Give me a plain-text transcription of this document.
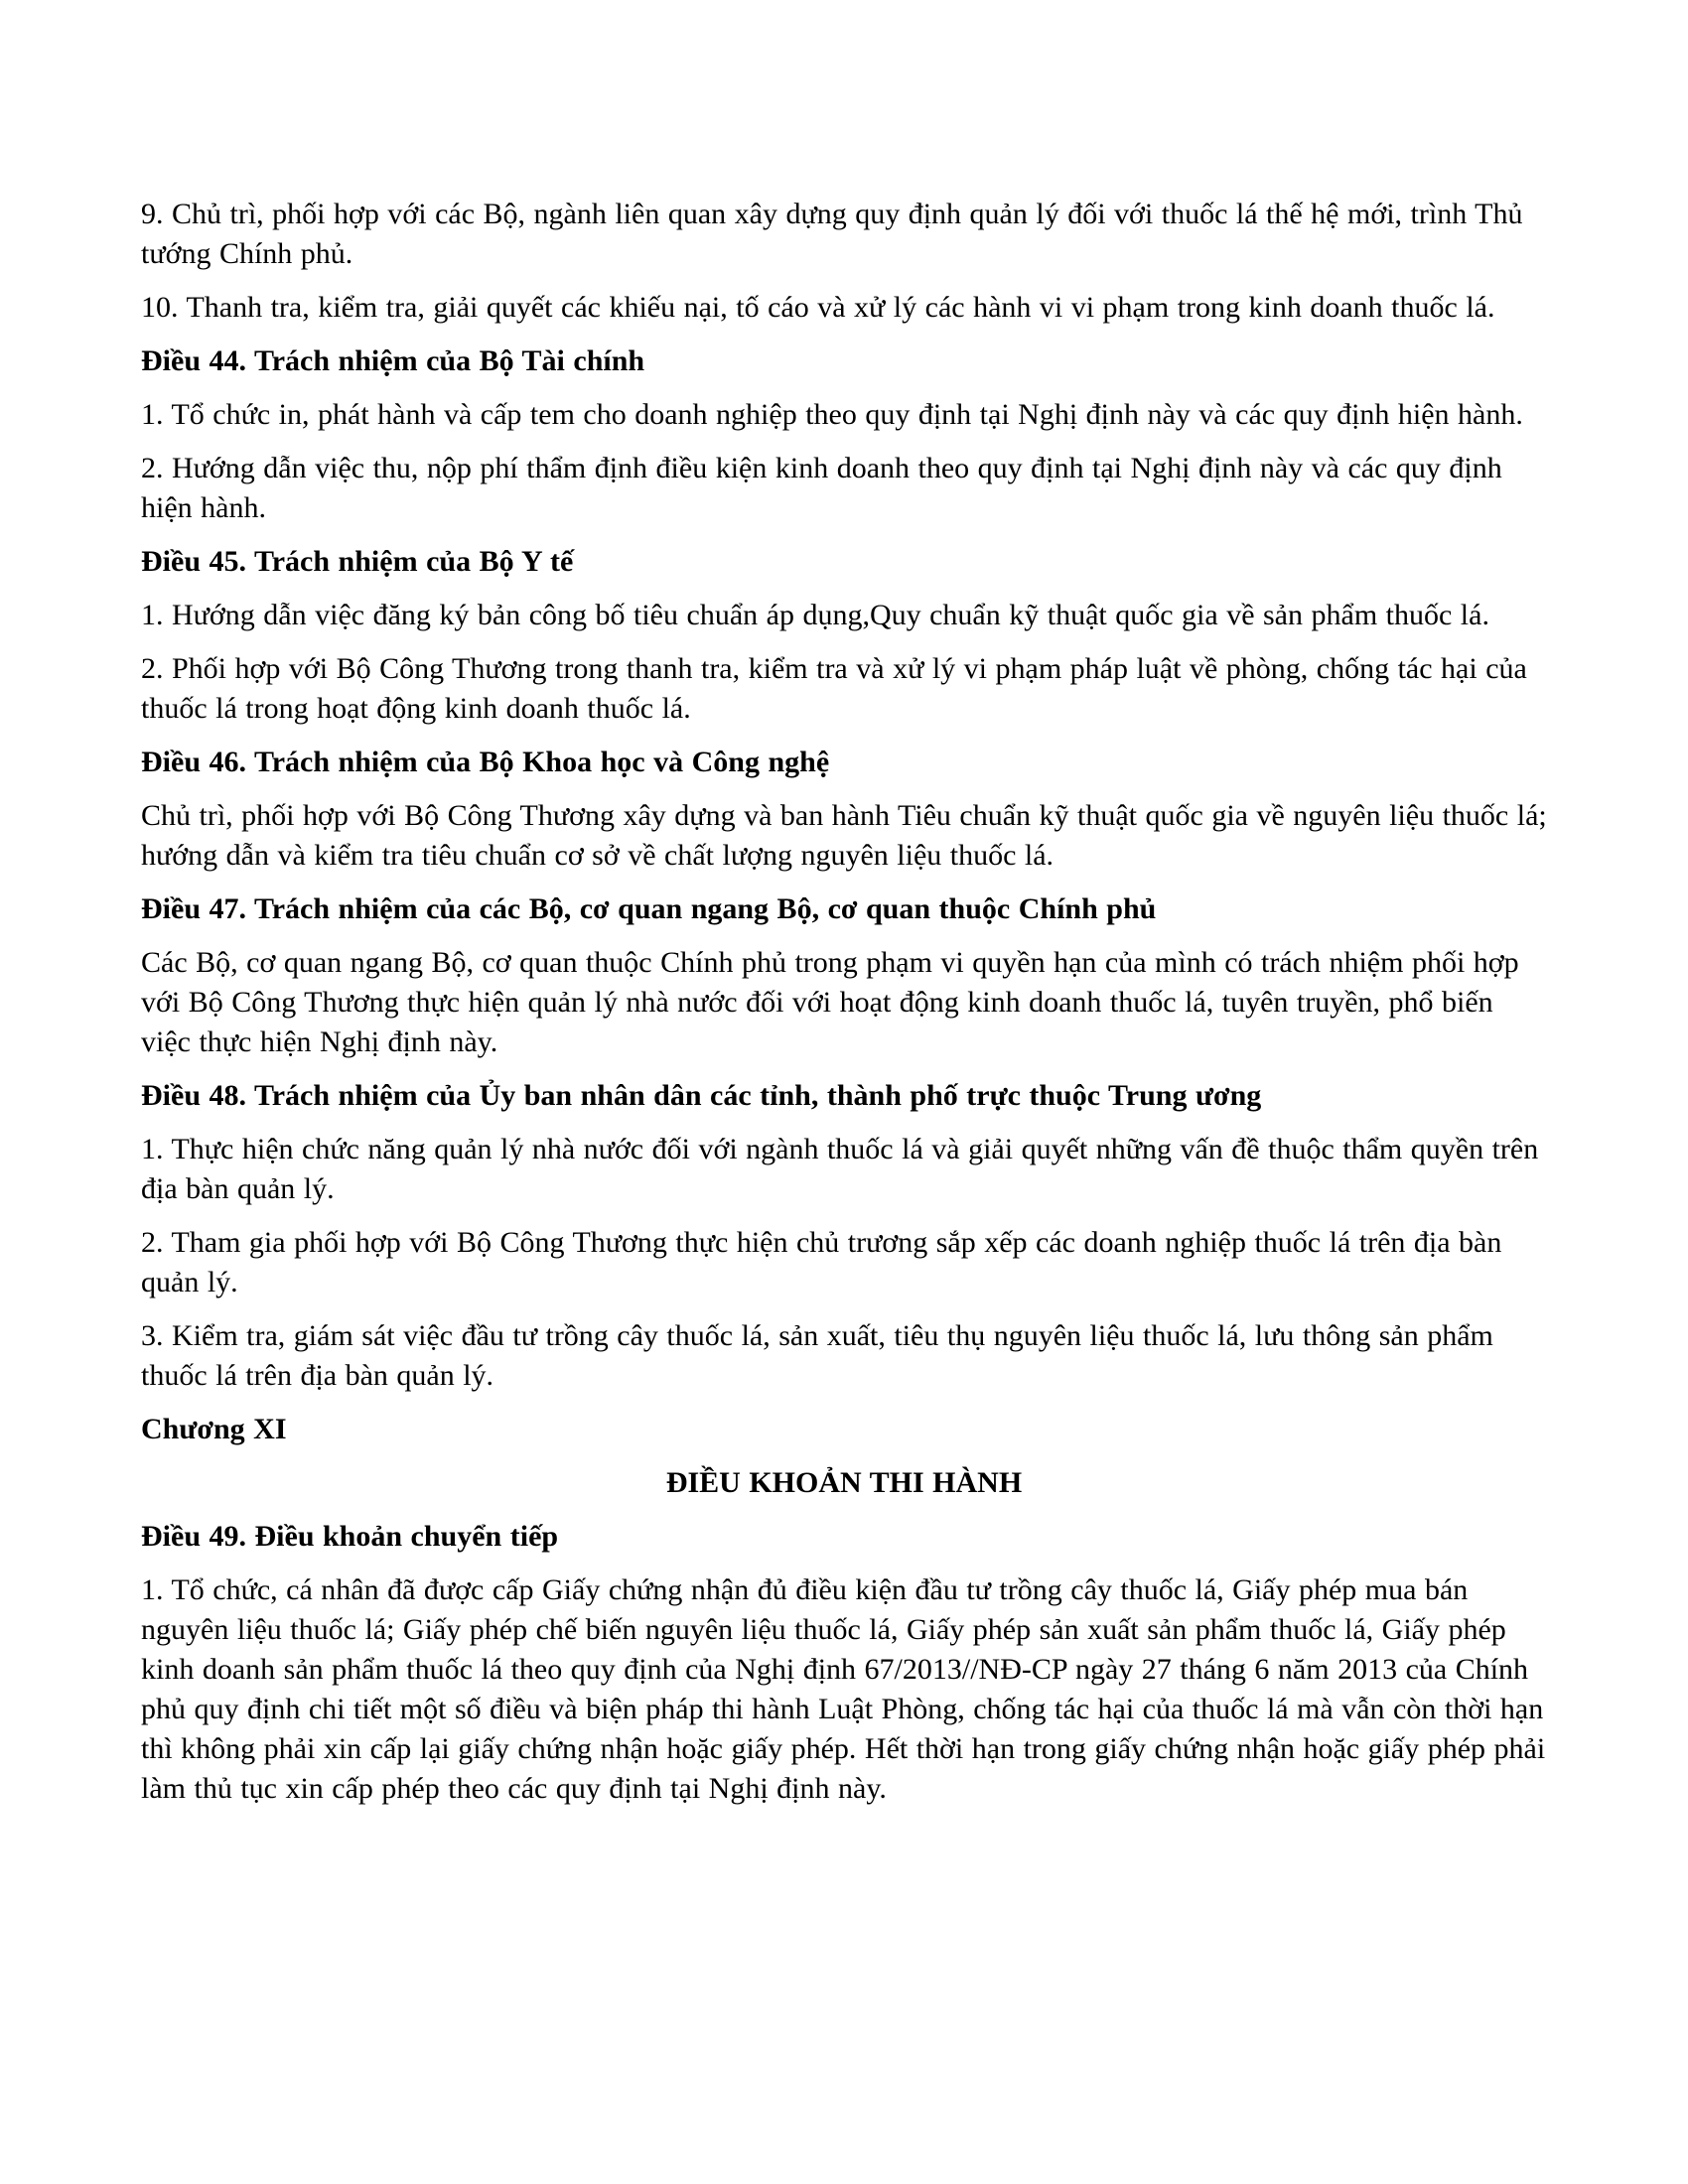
9. Chủ trì, phối hợp với các Bộ, ngành liên quan xây dựng quy định quản lý đối với thuốc lá thế hệ mới, trình Thủ tướng Chính phủ.

10. Thanh tra, kiểm tra, giải quyết các khiếu nại, tố cáo và xử lý các hành vi vi phạm trong kinh doanh thuốc lá.

Điều 44. Trách nhiệm của Bộ Tài chính

1. Tổ chức in, phát hành và cấp tem cho doanh nghiệp theo quy định tại Nghị định này và các quy định hiện hành.

2. Hướng dẫn việc thu, nộp phí thẩm định điều kiện kinh doanh theo quy định tại Nghị định này và các quy định hiện hành.

Điều 45. Trách nhiệm của Bộ Y tế

1. Hướng dẫn việc đăng ký bản công bố tiêu chuẩn áp dụng,Quy chuẩn kỹ thuật quốc gia về sản phẩm thuốc lá.

2. Phối hợp với Bộ Công Thương trong thanh tra, kiểm tra và xử lý vi phạm pháp luật về phòng, chống tác hại của thuốc lá trong hoạt động kinh doanh thuốc lá.

Điều 46. Trách nhiệm của Bộ Khoa học và Công nghệ

Chủ trì, phối hợp với Bộ Công Thương xây dựng và ban hành Tiêu chuẩn kỹ thuật quốc gia về nguyên liệu thuốc lá; hướng dẫn và kiểm tra tiêu chuẩn cơ sở về chất lượng nguyên liệu thuốc lá.

Điều 47. Trách nhiệm của các Bộ, cơ quan ngang Bộ, cơ quan thuộc Chính phủ

Các Bộ, cơ quan ngang Bộ, cơ quan thuộc Chính phủ trong phạm vi quyền hạn của mình có trách nhiệm phối hợp với Bộ Công Thương thực hiện quản lý nhà nước đối với hoạt động kinh doanh thuốc lá, tuyên truyền, phổ biến việc thực hiện Nghị định này.

Điều 48. Trách nhiệm của Ủy ban nhân dân các tỉnh, thành phố trực thuộc Trung ương

1. Thực hiện chức năng quản lý nhà nước đối với ngành thuốc lá và giải quyết những vấn đề thuộc thẩm quyền trên địa bàn quản lý.

2. Tham gia phối hợp với Bộ Công Thương thực hiện chủ trương sắp xếp các doanh nghiệp thuốc lá trên địa bàn quản lý.

3. Kiểm tra, giám sát việc đầu tư trồng cây thuốc lá, sản xuất, tiêu thụ nguyên liệu thuốc lá, lưu thông sản phẩm thuốc lá trên địa bàn quản lý.

Chương XI

ĐIỀU KHOẢN THI HÀNH

Điều 49. Điều khoản chuyển tiếp

1. Tổ chức, cá nhân đã được cấp Giấy chứng nhận đủ điều kiện đầu tư trồng cây thuốc lá, Giấy phép mua bán nguyên liệu thuốc lá; Giấy phép chế biến nguyên liệu thuốc lá, Giấy phép sản xuất sản phẩm thuốc lá, Giấy phép kinh doanh sản phẩm thuốc lá theo quy định của Nghị định 67/2013//NĐ-CP ngày 27 tháng 6 năm 2013 của Chính phủ quy định chi tiết một số điều và biện pháp thi hành Luật Phòng, chống tác hại của thuốc lá mà vẫn còn thời hạn thì không phải xin cấp lại giấy chứng nhận hoặc giấy phép. Hết thời hạn trong giấy chứng nhận hoặc giấy phép phải làm thủ tục xin cấp phép theo các quy định tại Nghị định này.
